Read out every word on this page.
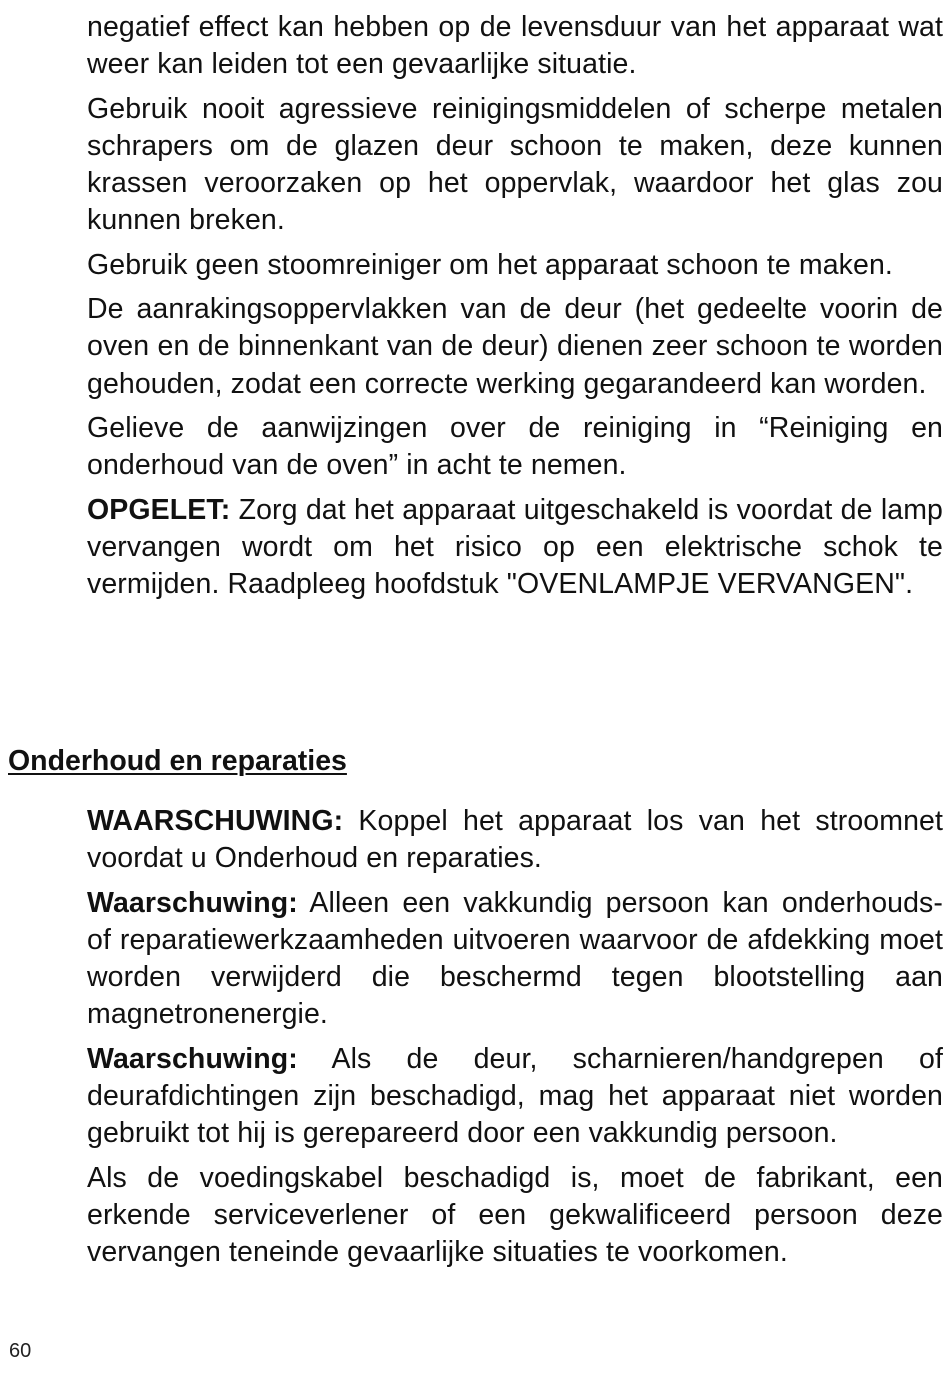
negatief effect kan hebben op de levensduur van het apparaat wat weer kan leiden tot een gevaarlijke situatie.

Gebruik nooit agressieve reinigingsmiddelen of scherpe metalen schrapers om de glazen deur schoon te maken, deze kunnen krassen veroorzaken op het oppervlak, waardoor het glas zou kunnen breken.

Gebruik geen stoomreiniger om het apparaat schoon te maken.

De aanrakingsoppervlakken van de deur (het gedeelte voorin de oven en de binnenkant van de deur) dienen zeer schoon te worden gehouden, zodat een correcte werking gegarandeerd kan worden.

Gelieve de aanwijzingen over de reiniging in “Reiniging en onderhoud van de oven” in acht te nemen.

OPGELET: Zorg dat het apparaat uitgeschakeld is voordat de lamp vervangen wordt om het risico op een elektrische schok te vermijden. Raadpleeg hoofdstuk "OVENLAMPJE VERVANGEN".

Onderhoud en reparaties

WAARSCHUWING: Koppel het apparaat los van het stroomnet voordat u Onderhoud en reparaties.

Waarschuwing: Alleen een vakkundig persoon kan onderhouds- of reparatiewerkzaamheden uitvoeren waarvoor de afdekking moet worden verwijderd die beschermd tegen blootstelling aan magnetronenergie.

Waarschuwing: Als de deur, scharnieren/handgrepen of deurafdichtingen zijn beschadigd, mag het apparaat niet worden gebruikt tot hij is gerepareerd door een vakkundig persoon.

Als de voedingskabel beschadigd is, moet de fabrikant, een erkende serviceverlener of een gekwalificeerd persoon deze vervangen teneinde gevaarlijke situaties te voorkomen.

60
